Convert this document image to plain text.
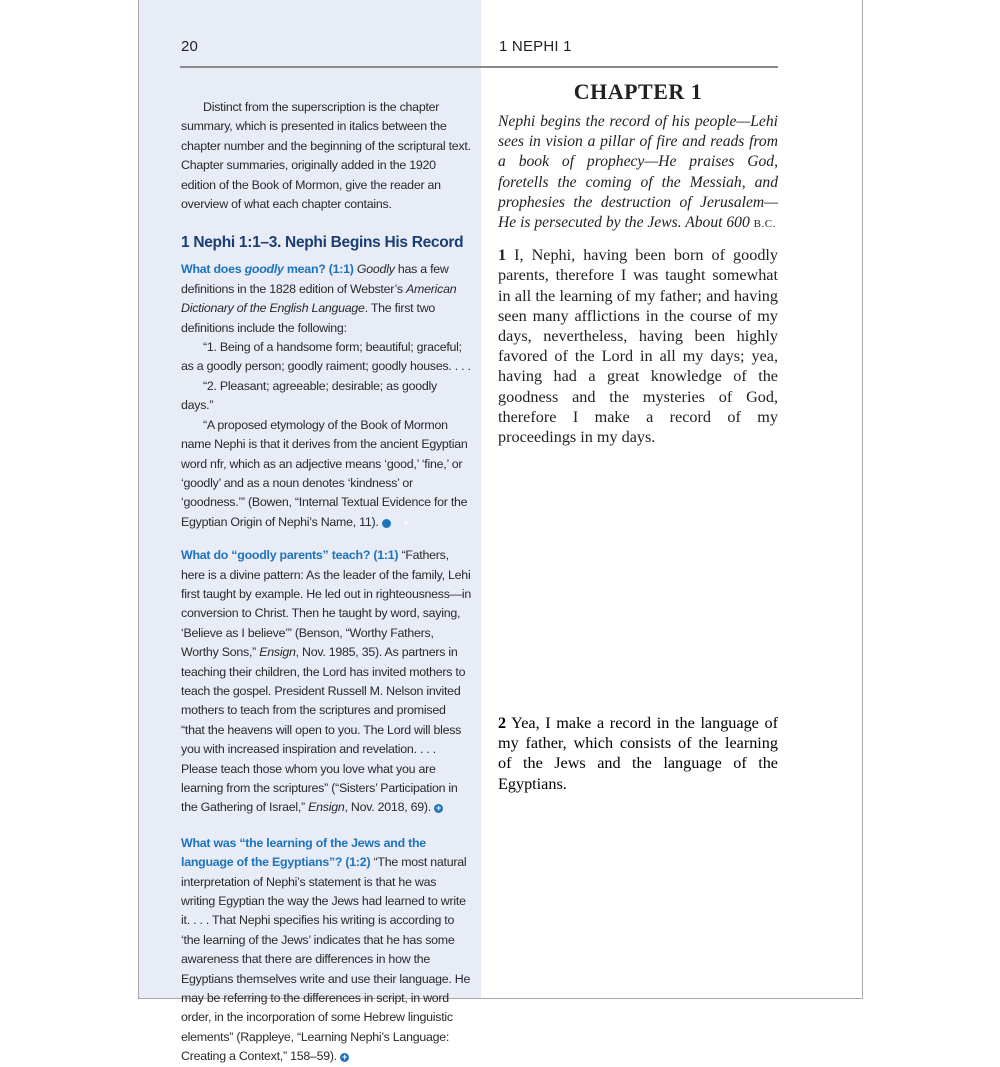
20	1 NEPHI 1

Distinct from the superscription is the chapter summary, which is presented in italics between the chapter number and the beginning of the scriptural text. Chapter summaries, originally added in the 1920 edition of the Book of Mormon, give the reader an overview of what each chapter contains.

1 Nephi 1:1–3. Nephi Begins His Record

What does goodly mean? (1:1) Goodly has a few definitions in the 1828 edition of Webster’s American Dictionary of the English Language. The first two definitions include the following:

“1. Being of a handsome form; beautiful; graceful; as a goodly person; goodly raiment; goodly houses. . . .

“2. Pleasant; agreeable; desirable; as goodly days.”

“A proposed etymology of the Book of Mormon name Nephi is that it derives from the ancient Egyptian word nfr, which as an adjective means ‘good,’ ‘fine,’ or ‘goodly’ and as a noun denotes ‘kindness’ or ‘goodness.’” (Bowen, “Internal Textual Evidence for the Egyptian Origin of Nephi’s Name, 11).	+

What do “goodly parents” teach? (1:1) “Fathers, here is a divine pattern: As the leader of the family, Lehi first taught by example. He led out in righteousness—in conversion to Christ. Then he taught by word, saying, ‘Believe as I believe’” (Benson, “Worthy Fathers, Worthy Sons,” Ensign, Nov. 1985, 35). As partners in teaching their children, the Lord has invited mothers to teach the gospel. President Russell M. Nelson invited mothers to teach from the scriptures and promised “that the heavens will open to you. The Lord will bless you with increased inspiration and revelation. . . . Please teach those whom you love what you are learning from the scriptures” (“Sisters’ Participation in the Gathering of Israel,” Ensign, Nov. 2018, 69). +

What was “the learning of the Jews and the language of the Egyptians”? (1:2) “The most natural interpretation of Nephi’s statement is that he was writing Egyptian the way the Jews had learned to write it. . . . That Nephi specifies his writing is according to ‘the learning of the Jews’ indicates that he has some awareness that there are differences in how the Egyptians themselves write and use their language. He may be referring to the differences in script, in word order, in the incorporation of some Hebrew linguistic elements” (Rappleye, “Learning Nephi’s Language: Creating a Context,” 158–59). +

CHAPTER 1

Nephi begins the record of his people—Lehi sees in vision a pillar of fire and reads from a book of prophecy—He praises God, foretells the coming of the Messiah, and prophesies the destruction of Jerusalem—He is persecuted by the Jews. About 600 B.C.

1 I, Nephi, having been born of goodly parents, therefore I was taught somewhat in all the learning of my father; and having seen many afflictions in the course of my days, nevertheless, having been highly favored of the Lord in all my days; yea, having had a great knowledge of the goodness and the mysteries of God, therefore I make a record of my proceedings in my days.

2 Yea, I make a record in the language of my father, which consists of the learning of the Jews and the language of the Egyptians.
